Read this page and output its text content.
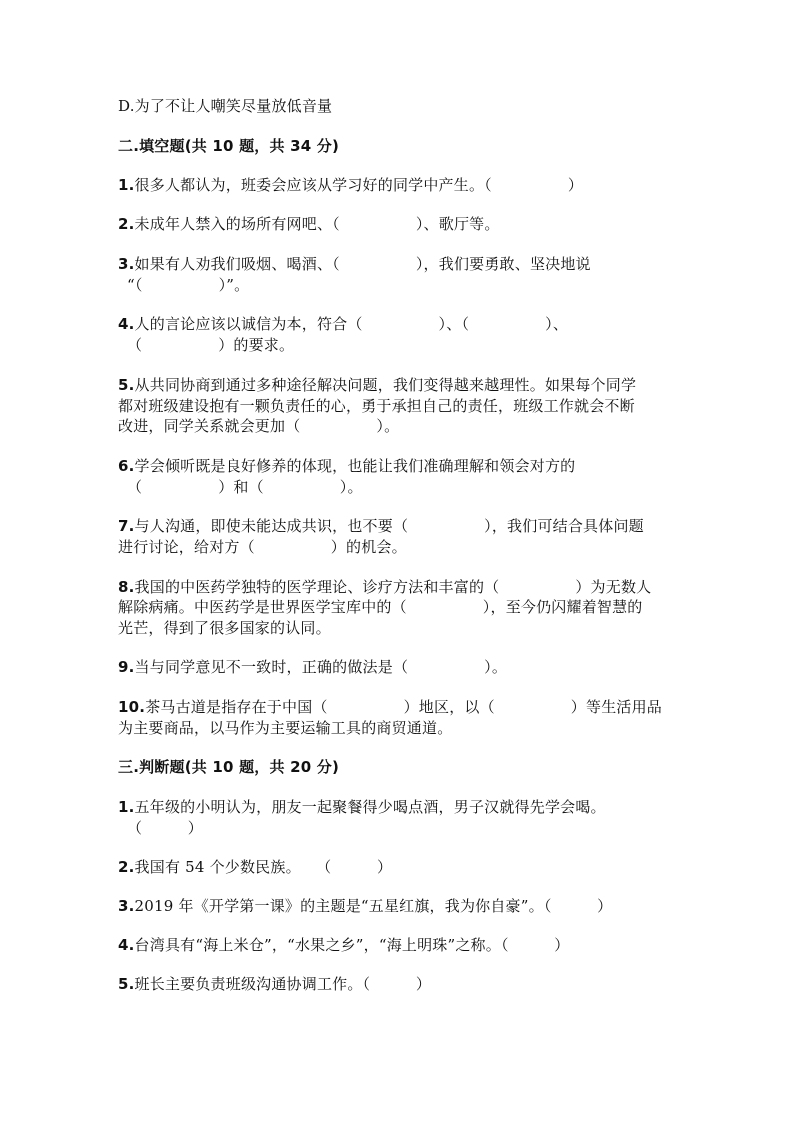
D.为了不让人嘲笑尽量放低音量
二.填空题(共 10 题，共 34 分)
1.很多人都认为，班委会应该从学习好的同学中产生。（　　　　　）
2.未成年人禁入的场所有网吧、（　　　　　）、歌厅等。
3.如果有人劝我们吸烟、喝酒、（　　　　　），我们要勇敢、坚决地说
“（　　　　　）”。
4.人的言论应该以诚信为本，符合（　　　　　）、（　　　　　）、
（　　　　　）的要求。
5.从共同协商到通过多种途径解决问题，我们变得越来越理性。如果每个同学
都对班级建设抱有一颗负责任的心，勇于承担自己的责任，班级工作就会不断
改进，同学关系就会更加（　　　　　）。
6.学会倾听既是良好修养的体现，也能让我们准确理解和领会对方的
（　　　　　）和（　　　　　）。
7.与人沟通，即使未能达成共识，也不要（　　　　　），我们可结合具体问题
进行讨论，给对方（　　　　　）的机会。
8.我国的中医药学独特的医学理论、诊疗方法和丰富的（　　　　　）为无数人
解除病痛。中医药学是世界医学宝库中的（　　　　　），至今仍闪耀着智慧的
光芒，得到了很多国家的认同。
9.当与同学意见不一致时，正确的做法是（　　　　　）。
10.茶马古道是指存在于中国（　　　　　）地区，以（　　　　　）等生活用品
为主要商品，以马作为主要运输工具的商贸通道。
三.判断题(共 10 题，共 20 分)
1.五年级的小明认为，朋友一起聚餐得少喝点酒，男子汉就得先学会喝。
（　　　）
2.我国有 54 个少数民族。　　（　　　）
3.2019 年《开学第一课》的主题是“五星红旗，我为你自豪”。（　　　）
4.台湾具有“海上米仓”，“水果之乡”，“海上明珠”之称。（　　　）
5.班长主要负责班级沟通协调工作。（　　　）
